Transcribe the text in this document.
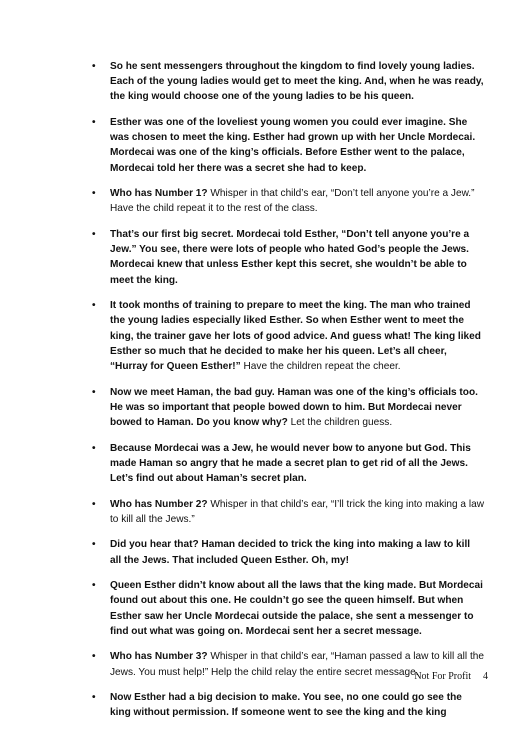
• So he sent messengers throughout the kingdom to find lovely young ladies. Each of the young ladies would get to meet the king. And, when he was ready, the king would choose one of the young ladies to be his queen.
• Esther was one of the loveliest young women you could ever imagine. She was chosen to meet the king. Esther had grown up with her Uncle Mordecai. Mordecai was one of the king’s officials. Before Esther went to the palace, Mordecai told her there was a secret she had to keep.
• Who has Number 1? Whisper in that child’s ear, “Don’t tell anyone you’re a Jew.” Have the child repeat it to the rest of the class.
• That’s our first big secret. Mordecai told Esther, “Don’t tell anyone you’re a Jew.” You see, there were lots of people who hated God’s people the Jews. Mordecai knew that unless Esther kept this secret, she wouldn’t be able to meet the king.
• It took months of training to prepare to meet the king. The man who trained the young ladies especially liked Esther. So when Esther went to meet the king, the trainer gave her lots of good advice. And guess what! The king liked Esther so much that he decided to make her his queen. Let’s all cheer, “Hurray for Queen Esther!” Have the children repeat the cheer.
• Now we meet Haman, the bad guy. Haman was one of the king’s officials too. He was so important that people bowed down to him. But Mordecai never bowed to Haman. Do you know why? Let the children guess.
• Because Mordecai was a Jew, he would never bow to anyone but God. This made Haman so angry that he made a secret plan to get rid of all the Jews. Let’s find out about Haman’s secret plan.
• Who has Number 2? Whisper in that child’s ear, “I’ll trick the king into making a law to kill all the Jews.”
• Did you hear that? Haman decided to trick the king into making a law to kill all the Jews. That included Queen Esther. Oh, my!
• Queen Esther didn’t know about all the laws that the king made. But Mordecai found out about this one. He couldn’t go see the queen himself. But when Esther saw her Uncle Mordecai outside the palace, she sent a messenger to find out what was going on. Mordecai sent her a secret message.
• Who has Number 3? Whisper in that child’s ear, “Haman passed a law to kill all the Jews. You must help!” Help the child relay the entire secret message.
• Now Esther had a big decision to make. You see, no one could go see the king without permission. If someone went to see the king and the king
Not For Profit 4
